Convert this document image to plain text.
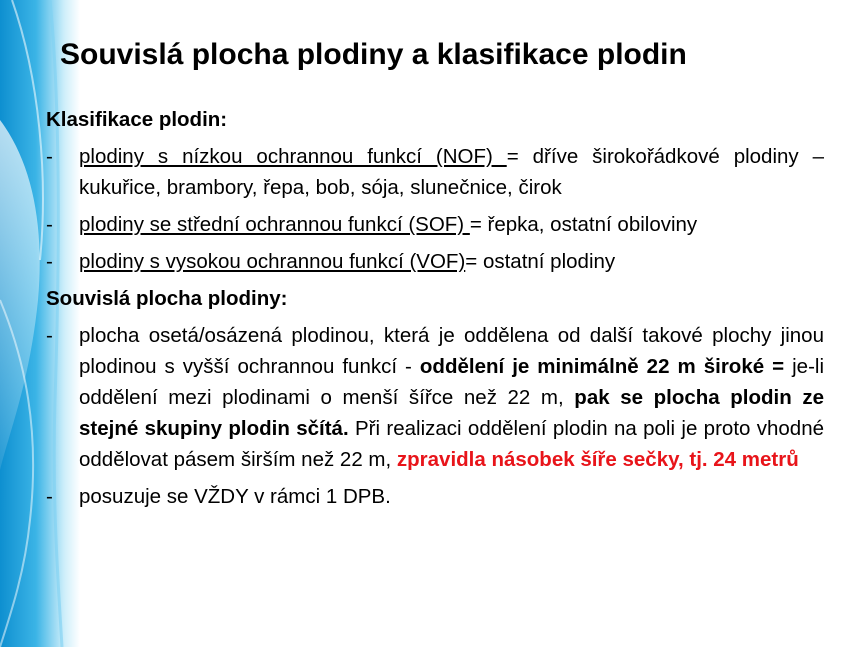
Souvislá plocha plodiny a klasifikace plodin

Klasifikace plodin:

- plodiny s nízkou ochrannou funkcí (NOF) = dříve širokořádkové plodiny – kukuřice, brambory, řepa, bob, sója, slunečnice, čirok
- plodiny se střední ochrannou funkcí (SOF) = řepka, ostatní obiloviny
- plodiny s vysokou ochrannou funkcí (VOF)= ostatní plodiny

Souvislá plocha plodiny:

- plocha osetá/osázená plodinou, která je oddělena od další takové plochy jinou plodinou s vyšší ochrannou funkcí - oddělení je minimálně 22 m široké = je-li oddělení mezi plodinami o menší šířce než 22 m, pak se plocha plodin ze stejné skupiny plodin sčítá. Při realizaci oddělení plodin na poli je proto vhodné oddělovat pásem širším než 22 m, zpravidla násobek šíře sečky, tj. 24 metrů
- posuzuje se VŽDY v rámci 1 DPB.
